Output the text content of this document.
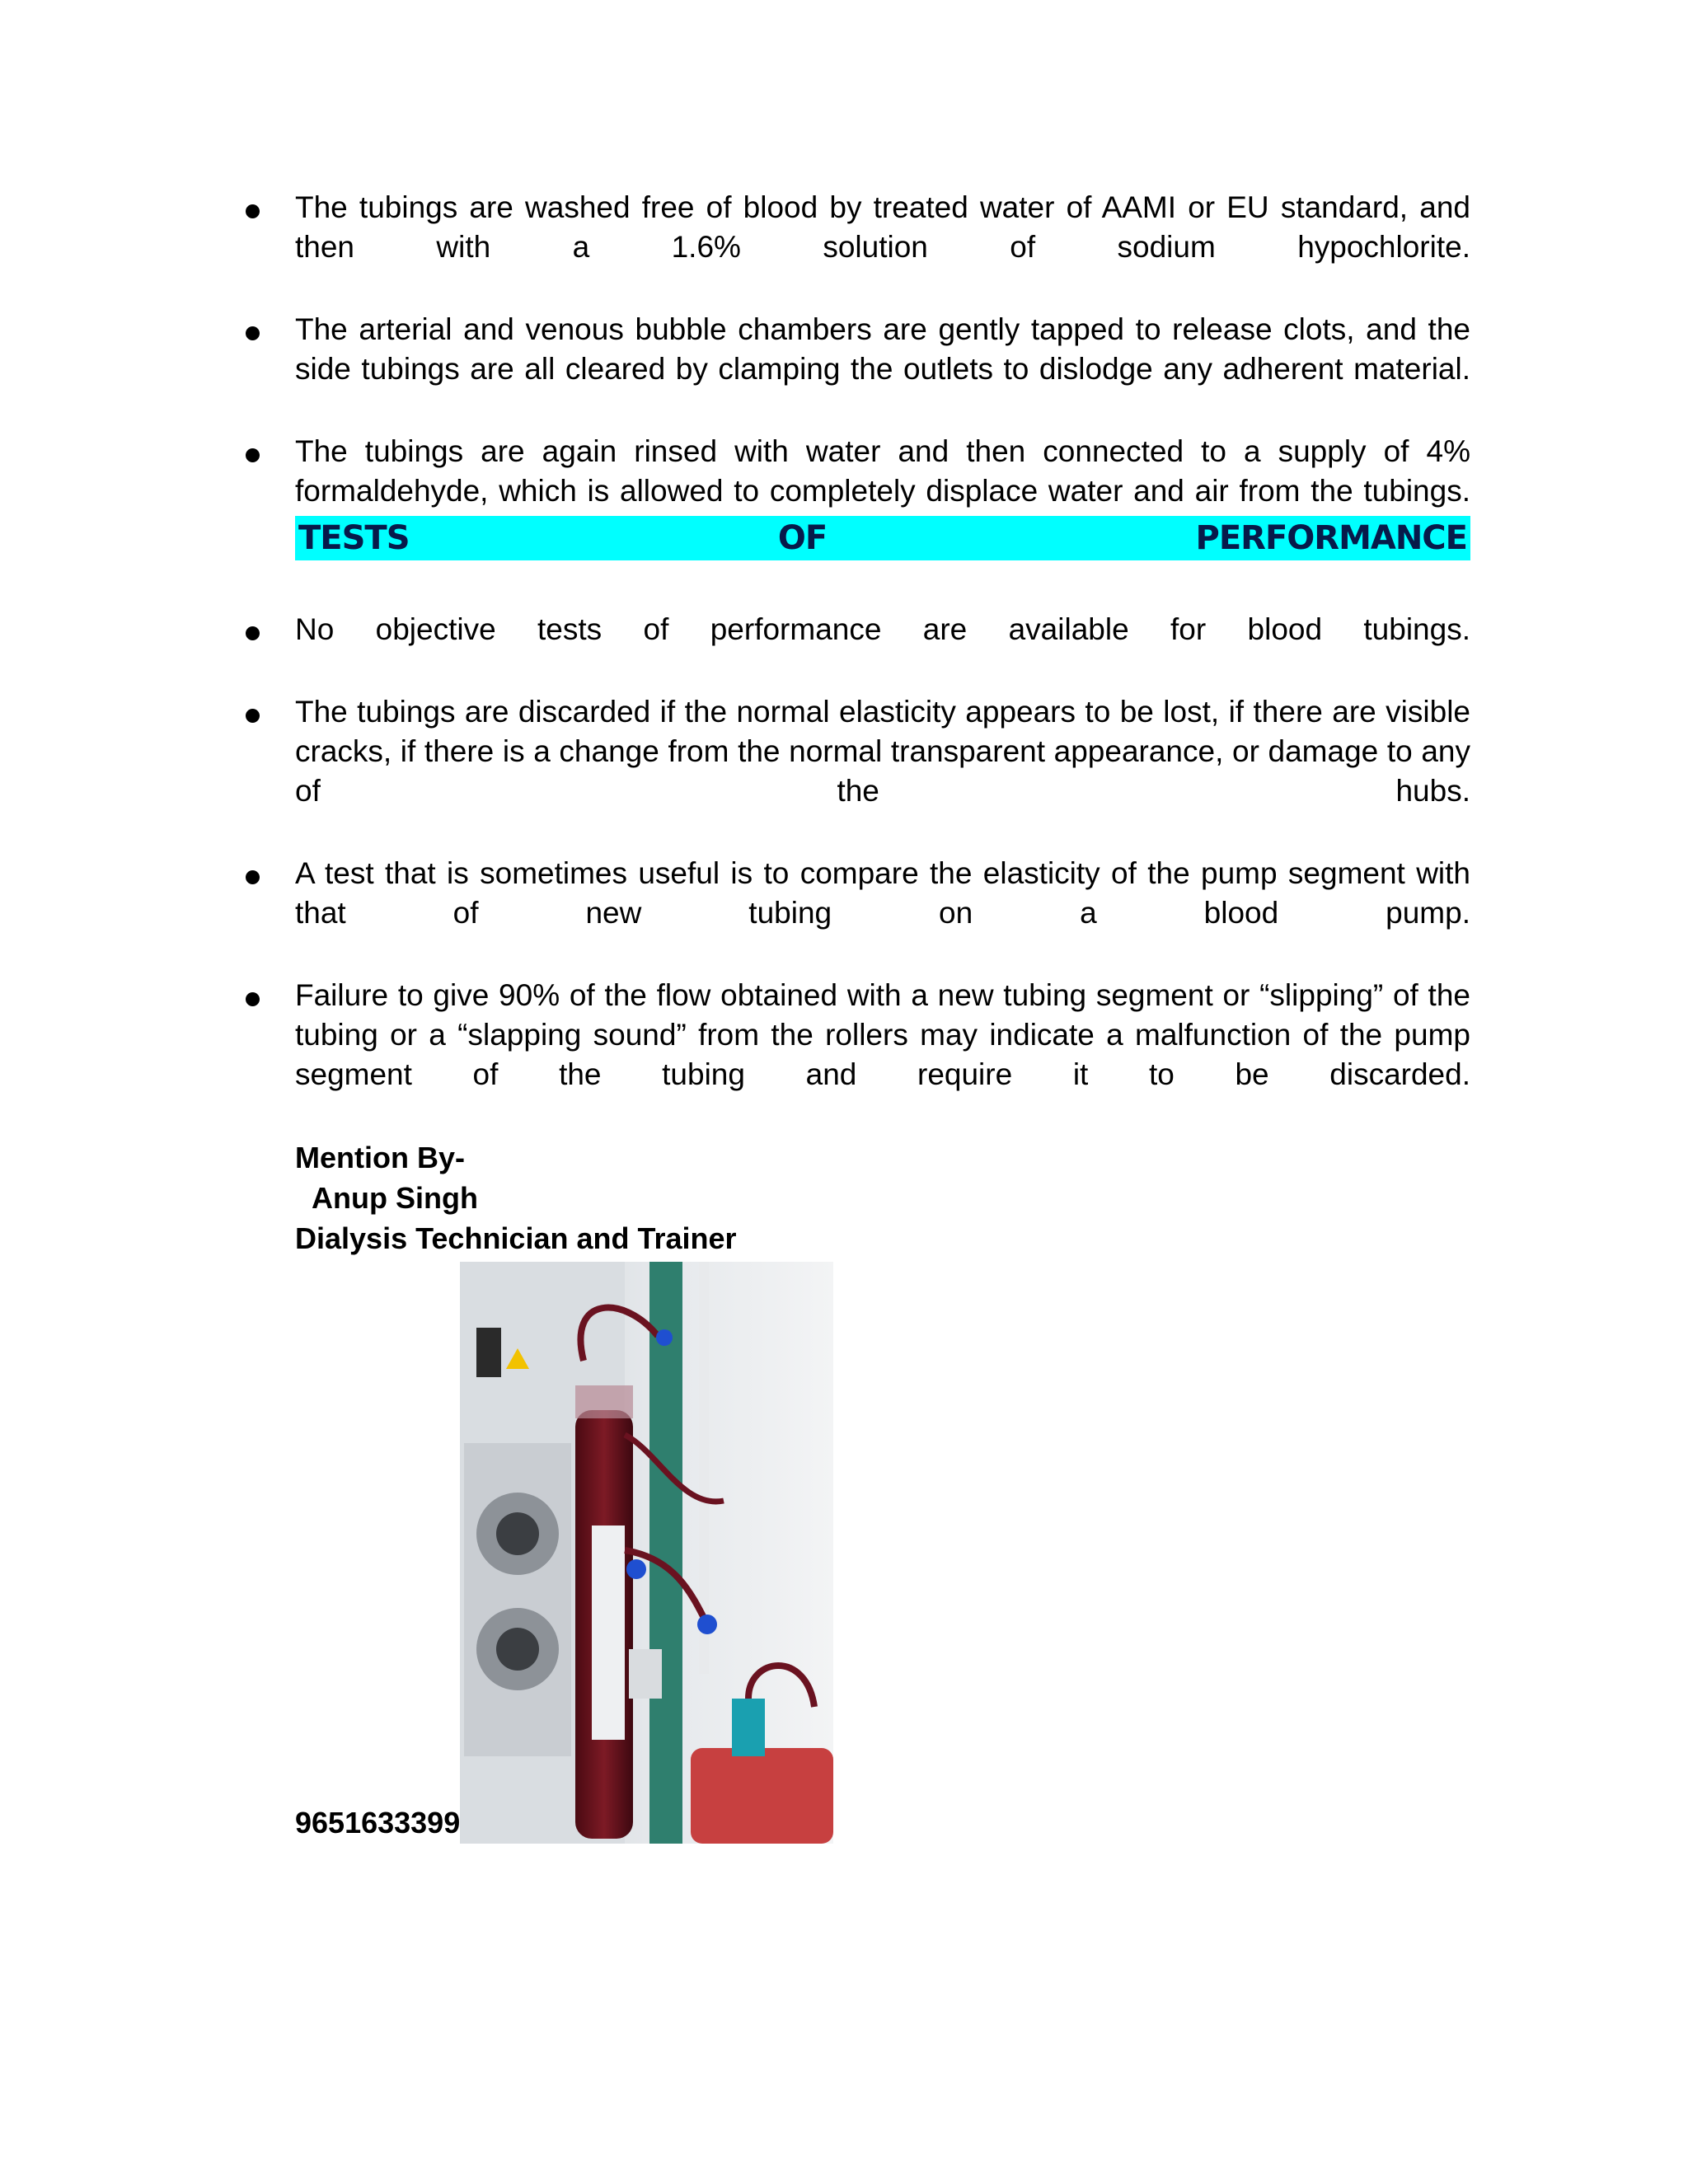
The tubings are washed free of blood by treated water of AAMI or EU standard, and then with a 1.6% solution of sodium hypochlorite.
The arterial and venous bubble chambers are gently tapped to release clots, and the side tubings are all cleared by clamping the outlets to dislodge any adherent material.
The tubings are again rinsed with water and then connected to a supply of 4% formaldehyde, which is allowed to completely displace water and air from the tubings.
TESTS	OF	PERFORMANCE
No objective tests of performance are available for blood tubings.
The tubings are discarded if the normal elasticity appears to be lost, if there are visible cracks, if there is a change from the normal transparent appearance, or damage to any of the hubs.
A test that is sometimes useful is to compare the elasticity of the pump segment with that of new tubing on a blood pump.
Failure to give 90% of the flow obtained with a new tubing segment or “slipping” of the tubing or a “slapping sound” from the rollers may indicate a malfunction of the pump segment of the tubing and require it to be discarded.
Mention By-
Anup Singh
Dialysis Technician and Trainer
9651633399
